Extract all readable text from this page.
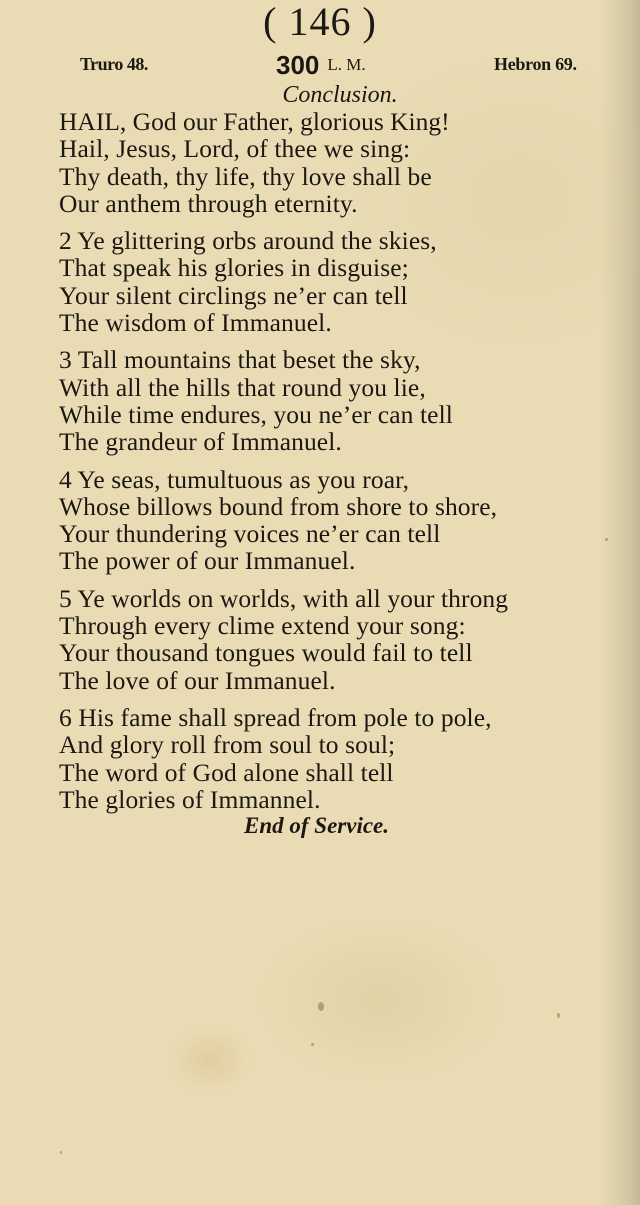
( 146 )
Truro 48.	300 L. M.	Hebron 69.
Conclusion.
HAIL, God our Father, glorious King!
Hail, Jesus, Lord, of thee we sing:
Thy death, thy life, thy love shall be
Our anthem through eternity.
2 Ye glittering orbs around the skies,
That speak his glories in disguise;
Your silent circlings ne’er can tell
The wisdom of Immanuel.
3 Tall mountains that beset the sky,
With all the hills that round you lie,
While time endures, you ne’er can tell
The grandeur of Immanuel.
4 Ye seas, tumultuous as you roar,
Whose billows bound from shore to shore,
Your thundering voices ne’er can tell
The power of our Immanuel.
5 Ye worlds on worlds, with all your throng
Through every clime extend your song:
Your thousand tongues would fail to tell
The love of our Immanuel.
6 His fame shall spread from pole to pole,
And glory roll from soul to soul;
The word of God alone shall tell
The glories of Immannel.
End of Service.
